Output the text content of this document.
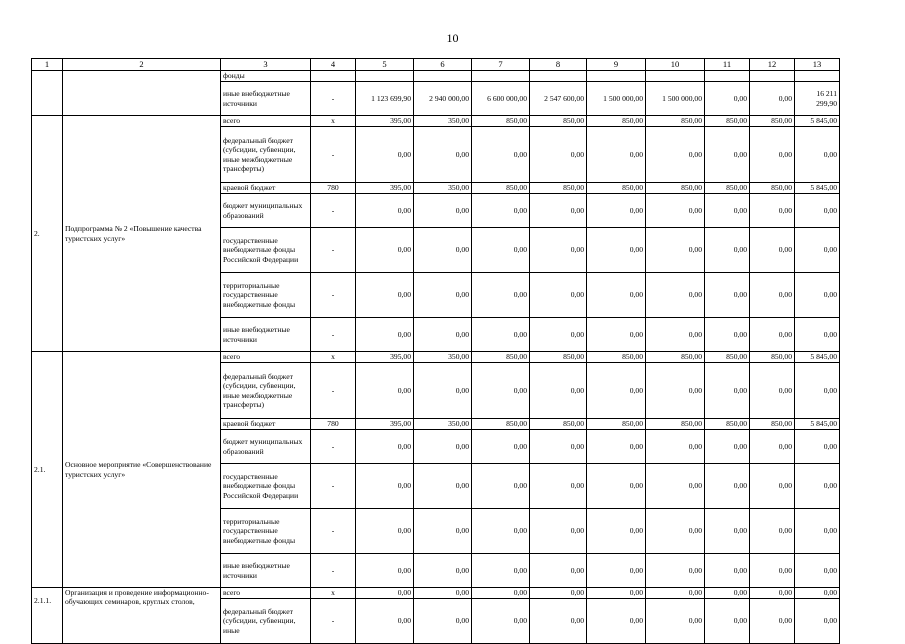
10
1	2	3	4	5	6	7	8	9	10	11	12	13
		фонды										
		иные внебюджетные источники	-	1 123 699,90	2 940 000,00	6 600 000,00	2 547 600,00	1 500 000,00	1 500 000,00	0,00	0,00	16 211 299,90
2.	Подпрограмма № 2 «Повышение качества туристских услуг»	всего	x	395,00	350,00	850,00	850,00	850,00	850,00	850,00	850,00	5 845,00
		федеральный бюджет (субсидии, субвенции, иные межбюджетные трансферты)	-	0,00	0,00	0,00	0,00	0,00	0,00	0,00	0,00	0,00
		краевой бюджет	780	395,00	350,00	850,00	850,00	850,00	850,00	850,00	850,00	5 845,00
		бюджет муниципальных образований	-	0,00	0,00	0,00	0,00	0,00	0,00	0,00	0,00	0,00
		государственные внебюджетные фонды Российской Федерации	-	0,00	0,00	0,00	0,00	0,00	0,00	0,00	0,00	0,00
		территориальные государственные внебюджетные фонды	-	0,00	0,00	0,00	0,00	0,00	0,00	0,00	0,00	0,00
		иные внебюджетные источники	-	0,00	0,00	0,00	0,00	0,00	0,00	0,00	0,00	0,00
2.1.	Основное мероприятие «Совершенствование туристских услуг»	всего	x	395,00	350,00	850,00	850,00	850,00	850,00	850,00	850,00	5 845,00
		федеральный бюджет (субсидии, субвенции, иные межбюджетные трансферты)	-	0,00	0,00	0,00	0,00	0,00	0,00	0,00	0,00	0,00
		краевой бюджет	780	395,00	350,00	850,00	850,00	850,00	850,00	850,00	850,00	5 845,00
		бюджет муниципальных образований	-	0,00	0,00	0,00	0,00	0,00	0,00	0,00	0,00	0,00
		государственные внебюджетные фонды Российской Федерации	-	0,00	0,00	0,00	0,00	0,00	0,00	0,00	0,00	0,00
		территориальные государственные внебюджетные фонды	-	0,00	0,00	0,00	0,00	0,00	0,00	0,00	0,00	0,00
		иные внебюджетные источники	-	0,00	0,00	0,00	0,00	0,00	0,00	0,00	0,00	0,00
2.1.1.	Организация и проведение информационно-обучающих семинаров, круглых столов,	всего	x	0,00	0,00	0,00	0,00	0,00	0,00	0,00	0,00	0,00
		федеральный бюджет (субсидии, субвенции, иные	-	0,00	0,00	0,00	0,00	0,00	0,00	0,00	0,00	0,00
